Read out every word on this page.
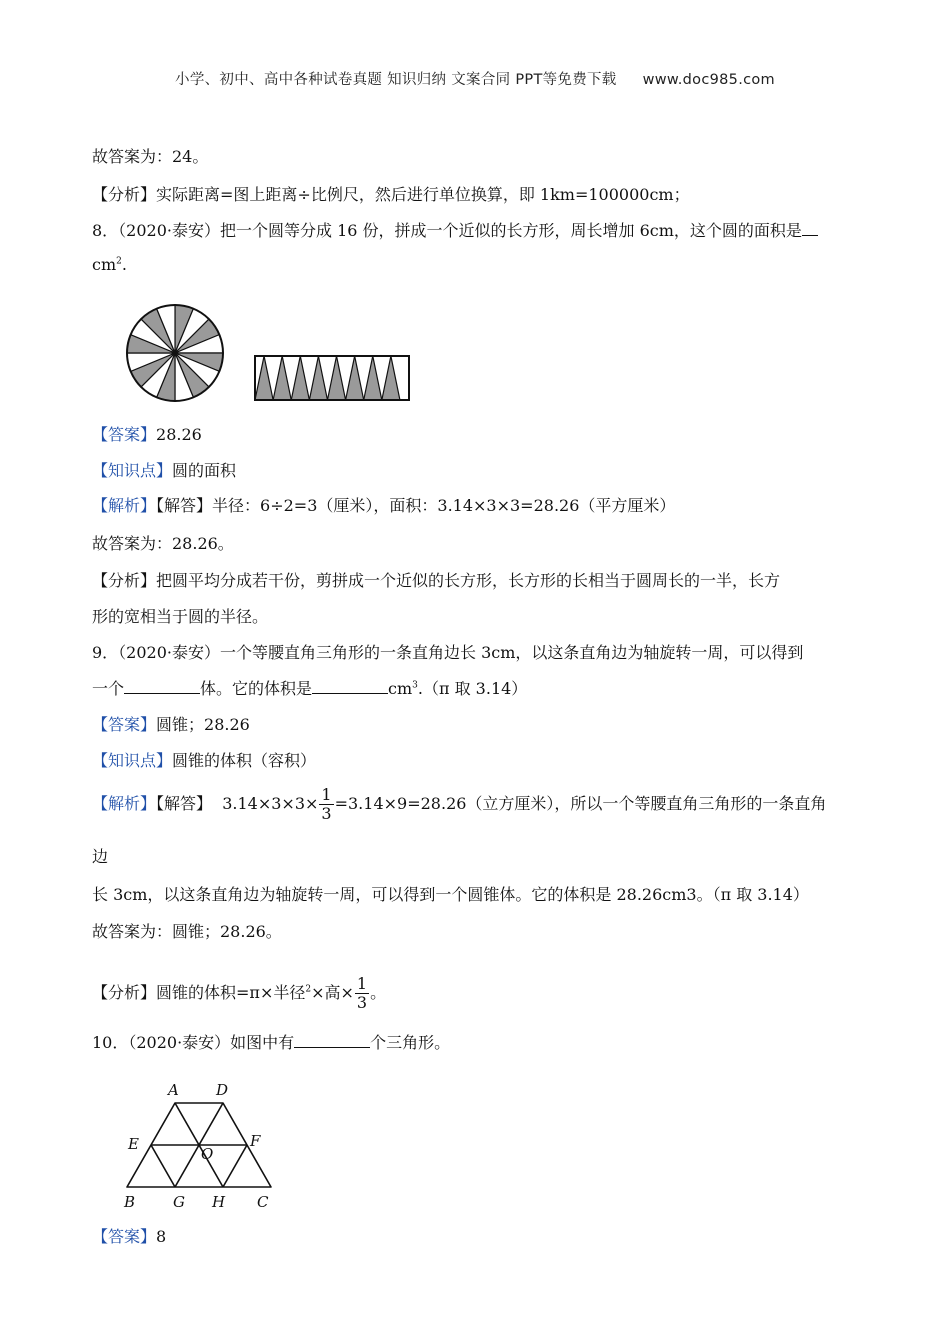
小学、初中、高中各种试卷真题 知识归纳 文案合同 PPT等免费下载 www.doc985.com
故答案为：24。
【分析】实际距离=图上距离÷比例尺，然后进行单位换算，即 1km=100000cm；
8．（2020·泰安）把一个圆等分成 16 份，拼成一个近似的长方形，周长增加 6cm，这个圆的面积是
$cm^2$.
【答案】28.26
【知识点】圆的面积
【解析】【解答】半径：6÷2=3（厘米），面积：3.14×3×3=28.26（平方厘米）
故答案为：28.26。
【分析】把圆平均分成若干份，剪拼成一个近似的长方形，长方形的长相当于圆周长的一半，长方
形的宽相当于圆的半径。
9．（2020·泰安）一个等腰直角三角形的一条直角边长 3cm，以这条直角边为轴旋转一周，可以得到
一个	体。它的体积是	$cm^3.(\pi$ 取 3.14）
【答案】圆锥；28.26
【知识点】圆锥的体积（容积）
【解析】【解答】 $3.14\times 3\times 3\times \frac{1}{3} =3.14\times 9=28.26$（立方厘米），所以一个等腰直角三角形的一条直角
边
长 3cm，以这条直角边为轴旋转一周，可以得到一个圆锥体。它的体积是 28.26cm3。（π 取 3.14）
故答案为：圆锥；28.26。
【分析】圆锥的体积=π×半径$^2$×高× $\frac{1}{3}$ 。
10．（2020·泰安）如图中有	个三角形。
A D
E	F
O
B	G H C
【答案】8
